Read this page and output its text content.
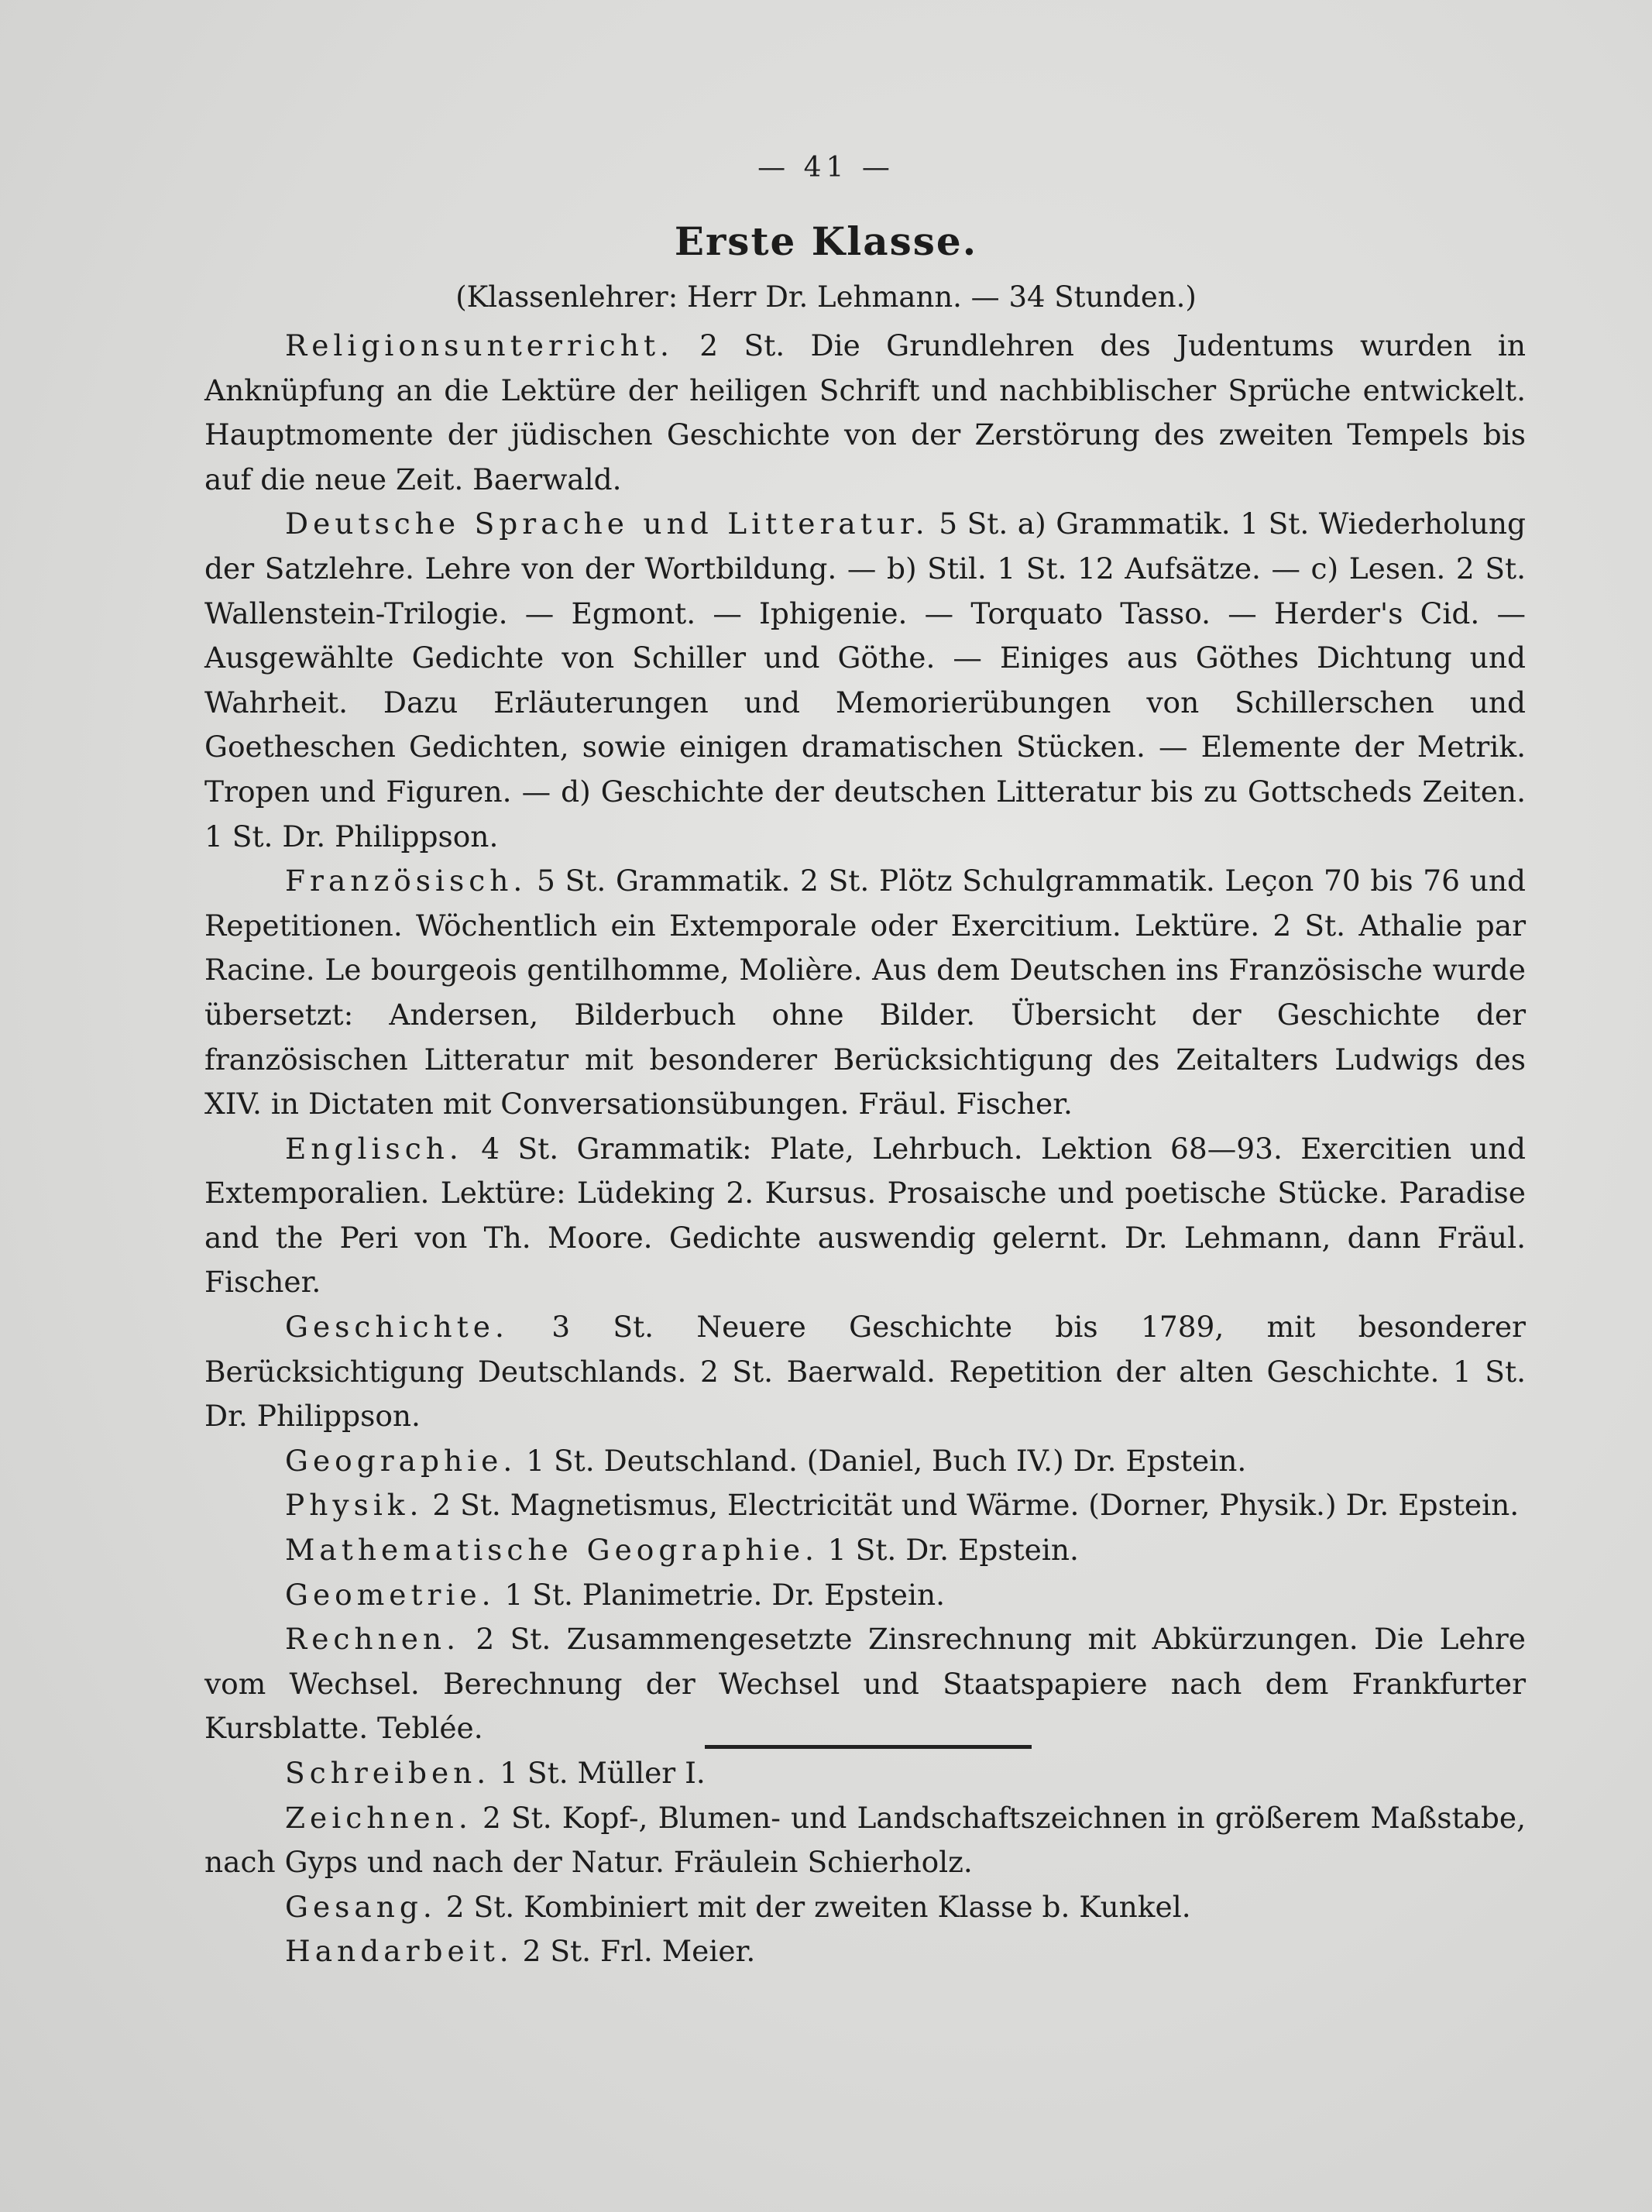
— 41 —
Erste Klasse.
(Klassenlehrer: Herr Dr. Lehmann. — 34 Stunden.)

Religionsunterricht. 2 St. Die Grundlehren des Judentums wurden in Anknüpfung an die Lektüre der heiligen Schrift und nachbiblischer Sprüche entwickelt. Hauptmomente der jüdischen Geschichte von der Zerstörung des zweiten Tempels bis auf die neue Zeit. Baerwald.

Deutsche Sprache und Litteratur. 5 St. a) Grammatik. 1 St. Wiederholung der Satzlehre. Lehre von der Wortbildung. — b) Stil. 1 St. 12 Aufsätze. — c) Lesen. 2 St. Wallenstein-Trilogie. — Egmont. — Iphigenie. — Torquato Tasso. — Herder's Cid. — Ausgewählte Gedichte von Schiller und Göthe. — Einiges aus Göthes Dichtung und Wahrheit. Dazu Erläuterungen und Memorierübungen von Schillerschen und Goetheschen Gedichten, sowie einigen dramatischen Stücken. — Elemente der Metrik. Tropen und Figuren. — d) Geschichte der deutschen Litteratur bis zu Gottscheds Zeiten. 1 St. Dr. Philippson.

Französisch. 5 St. Grammatik. 2 St. Plötz Schulgrammatik. Leçon 70 bis 76 und Repetitionen. Wöchentlich ein Extemporale oder Exercitium. Lektüre. 2 St. Athalie par Racine. Le bourgeois gentilhomme, Molière. Aus dem Deutschen ins Französische wurde übersetzt: Andersen, Bilderbuch ohne Bilder. Übersicht der Geschichte der französischen Litteratur mit besonderer Berücksichtigung des Zeitalters Ludwigs des XIV. in Dictaten mit Conversationsübungen. Fräul. Fischer.

Englisch. 4 St. Grammatik: Plate, Lehrbuch. Lektion 68—93. Exercitien und Extemporalien. Lektüre: Lüdeking 2. Kursus. Prosaische und poetische Stücke. Paradise and the Peri von Th. Moore. Gedichte auswendig gelernt. Dr. Lehmann, dann Fräul. Fischer.

Geschichte. 3 St. Neuere Geschichte bis 1789, mit besonderer Berücksichtigung Deutschlands. 2 St. Baerwald. Repetition der alten Geschichte. 1 St. Dr. Philippson.

Geographie. 1 St. Deutschland. (Daniel, Buch IV.) Dr. Epstein.

Physik. 2 St. Magnetismus, Electricität und Wärme. (Dorner, Physik.) Dr. Epstein.

Mathematische Geographie. 1 St. Dr. Epstein.

Geometrie. 1 St. Planimetrie. Dr. Epstein.

Rechnen. 2 St. Zusammengesetzte Zinsrechnung mit Abkürzungen. Die Lehre vom Wechsel. Berechnung der Wechsel und Staatspapiere nach dem Frankfurter Kursblatte. Teblée.

Schreiben. 1 St. Müller I.

Zeichnen. 2 St. Kopf-, Blumen- und Landschaftszeichnen in größerem Maßstabe, nach Gyps und nach der Natur. Fräulein Schierholz.

Gesang. 2 St. Kombiniert mit der zweiten Klasse b. Kunkel.

Handarbeit. 2 St. Frl. Meier.
